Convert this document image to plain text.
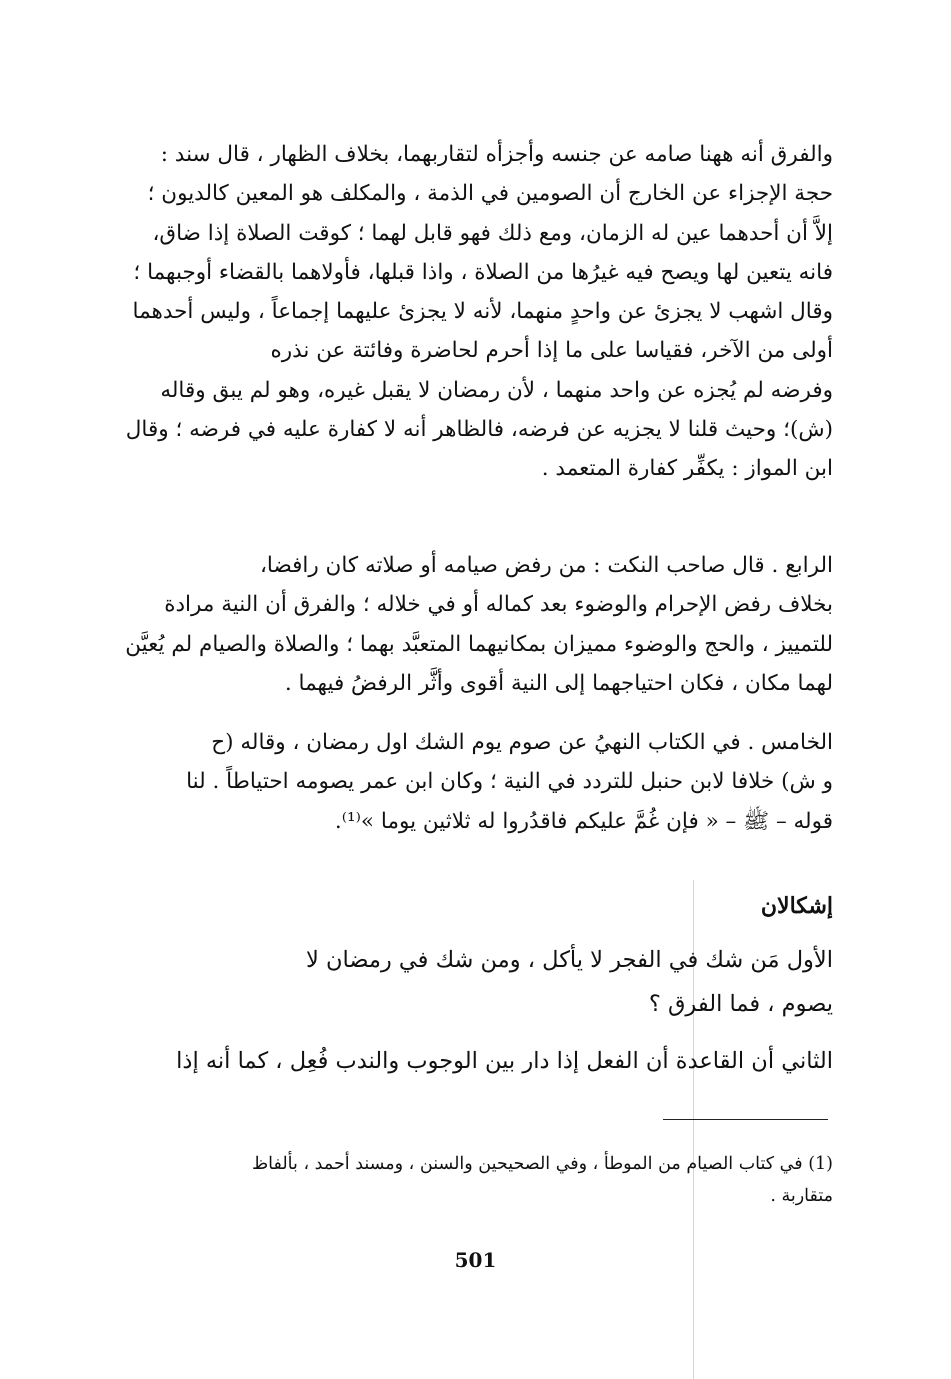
والفرق أنه ههنا صامه عن جنسه وأجزأه لتقاربهما، بخلاف الظهار ، قال سند :
حجة الإجزاء عن الخارج أن الصومين في الذمة ، والمكلف هو المعين كالديون ؛
إلاَّ أن أحدهما عين له الزمان، ومع ذلك فهو قابل لهما ؛ كوقت الصلاة إذا ضاق،
فانه يتعين لها ويصح فيه غيرُها من الصلاة ، واذا قبلها، فأولاهما بالقضاء أوجبهما ؛
وقال اشهب لا يجزئ عن واحدٍ منهما، لأنه لا يجزئ عليهما إجماعاً ، وليس أحدهما
أولى من الآخر، فقياسا على ما إذا أحرم لحاضرة وفائتة عن نذره
وفرضه لم يُجزه عن واحد منهما ، لأن رمضان لا يقبل غيره، وهو لم يبق وقاله
(ش)؛ وحيث قلنا لا يجزيه عن فرضه، فالظاهر أنه لا كفارة عليه في فرضه ؛ وقال
ابن المواز : يكفِّر كفارة المتعمد .
الرابع . قال صاحب النكت : من رفض صيامه أو صلاته كان رافضا،
بخلاف رفض الإحرام والوضوء بعد كماله أو في خلاله ؛ والفرق أن النية مرادة
للتمييز ، والحج والوضوء مميزان بمكانيهما المتعبَّد بهما ؛ والصلاة والصيام لم يُعيَّن
لهما مكان ، فكان احتياجهما إلى النية أقوى وأثَّر الرفضُ فيهما .
الخامس . في الكتاب النهيُ عن صوم يوم الشك اول رمضان ، وقاله (ح
و ش) خلافا لابن حنبل للتردد في النية ؛ وكان ابن عمر يصومه احتياطاً . لنا
قوله – ﷺ – « فإن غُمَّ عليكم فاقدُروا له ثلاثين يوما »⁽¹⁾.
إشكالان
الأول مَن شك في الفجر لا يأكل ، ومن شك في رمضان لا
يصوم ، فما الفرق ؟
الثاني أن القاعدة أن الفعل إذا دار بين الوجوب والندب فُعِل ، كما أنه إذا
(1) في كتاب الصيام من الموطأ ، وفي الصحيحين والسنن ، ومسند أحمد ، بألفاظ
متقاربة .
501
